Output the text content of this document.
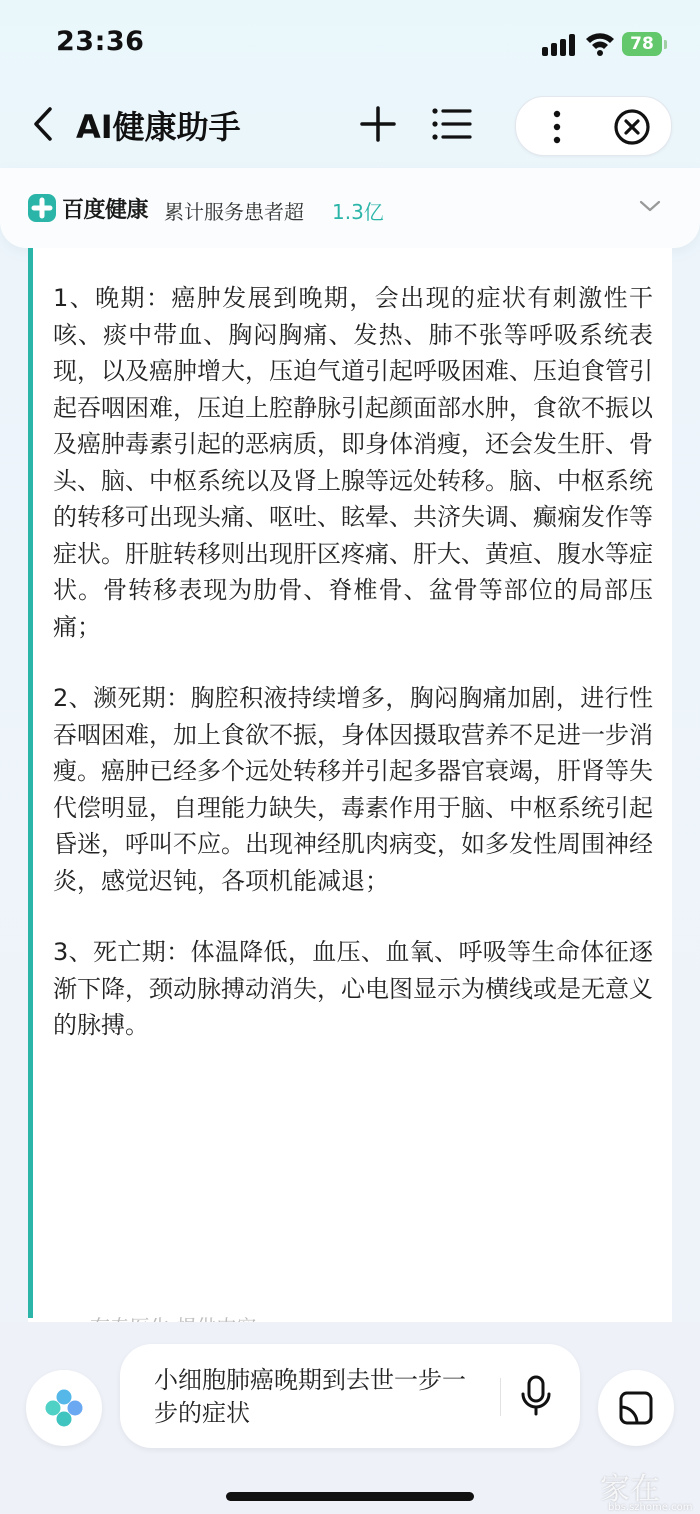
23:36	78
AI健康助手
百度健康 累计服务患者超 1.3亿

1、晚期：癌肿发展到晚期，会出现的症状有刺激性干咳、痰中带血、胸闷胸痛、发热、肺不张等呼吸系统表现，以及癌肿增大，压迫气道引起呼吸困难、压迫食管引起吞咽困难，压迫上腔静脉引起颜面部水肿，食欲不振以及癌肿毒素引起的恶病质，即身体消瘦，还会发生肝、骨头、脑、中枢系统以及肾上腺等远处转移。脑、中枢系统的转移可出现头痛、呕吐、眩晕、共济失调、癫痫发作等症状。肝脏转移则出现肝区疼痛、肝大、黄疸、腹水等症状。骨转移表现为肋骨、脊椎骨、盆骨等部位的局部压痛；

2、濒死期：胸腔积液持续增多，胸闷胸痛加剧，进行性吞咽困难，加上食欲不振，身体因摄取营养不足进一步消瘦。癌肿已经多个远处转移并引起多器官衰竭，肝肾等失代偿明显，自理能力缺失，毒素作用于脑、中枢系统引起昏迷，呼叫不应。出现神经肌肉病变，如多发性周围神经炎，感觉迟钝，各项机能减退；

3、死亡期：体温降低，血压、血氧、呼吸等生命体征逐渐下降，颈动脉搏动消失，心电图显示为横线或是无意义的脉搏。

小细胞肺癌晚期到去世一步一步的症状
家在
bbs.szhome.com
